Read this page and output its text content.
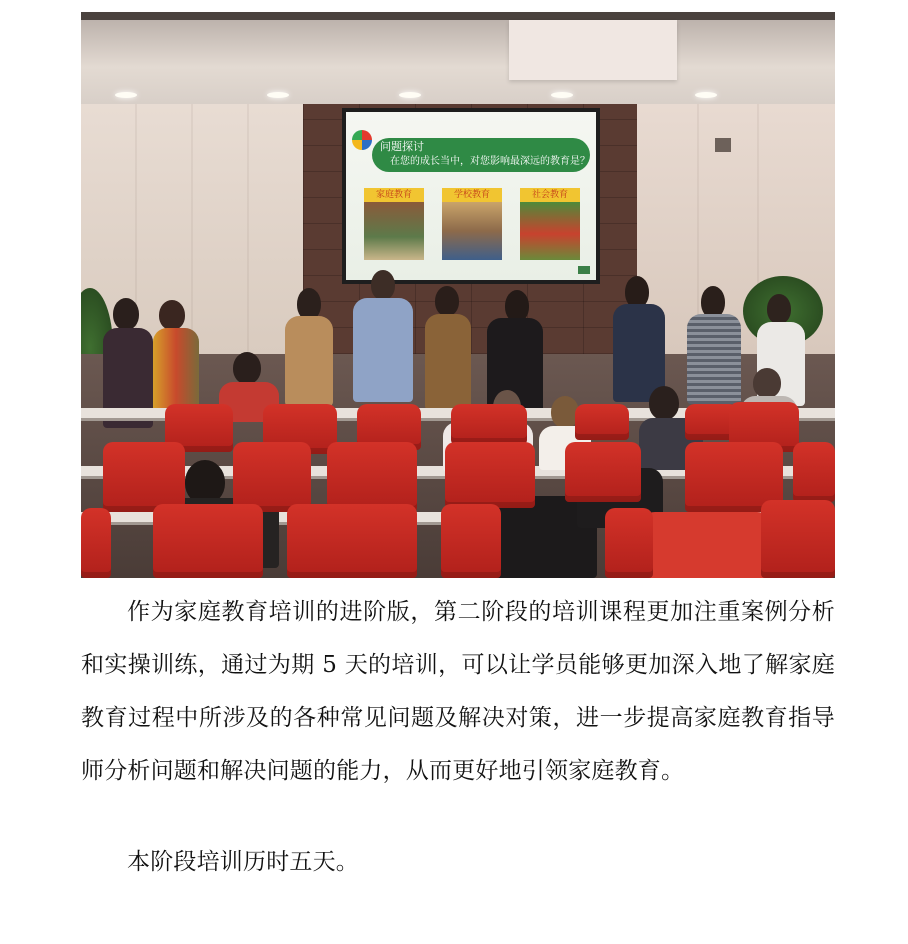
问题探讨
在您的成长当中，对您影响最深远的教育是？
家庭教育	学校教育	社会教育

作为家庭教育培训的进阶版，第二阶段的培训课程更加注重案例分析和实操训练，通过为期 5 天的培训，可以让学员能够更加深入地了解家庭教育过程中所涉及的各种常见问题及解决对策，进一步提高家庭教育指导师分析问题和解决问题的能力，从而更好地引领家庭教育。

本阶段培训历时五天。
